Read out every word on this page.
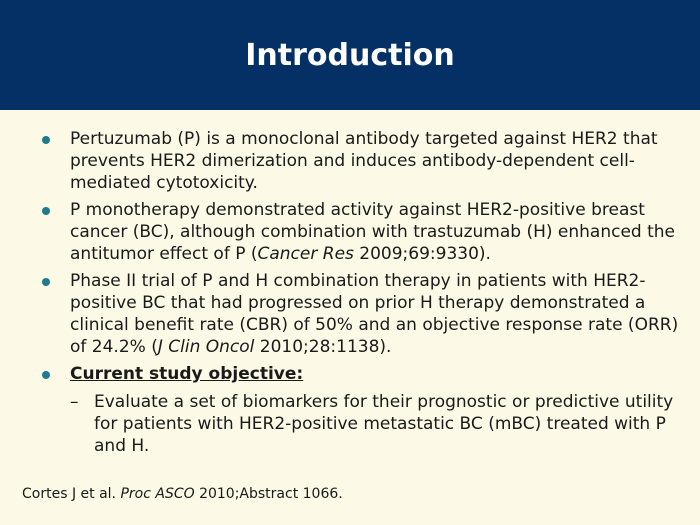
Introduction
Pertuzumab (P) is a monoclonal antibody targeted against HER2 that prevents HER2 dimerization and induces antibody-dependent cell-mediated cytotoxicity.
P monotherapy demonstrated activity against HER2-positive breast cancer (BC), although combination with trastuzumab (H) enhanced the antitumor effect of P (Cancer Res 2009;69:9330).
Phase II trial of P and H combination therapy in patients with HER2-positive BC that had progressed on prior H therapy demonstrated a clinical benefit rate (CBR) of 50% and an objective response rate (ORR) of 24.2% (J Clin Oncol 2010;28:1138).
Current study objective:
– Evaluate a set of biomarkers for their prognostic or predictive utility for patients with HER2-positive metastatic BC (mBC) treated with P and H.
Cortes J et al. Proc ASCO 2010;Abstract 1066.
